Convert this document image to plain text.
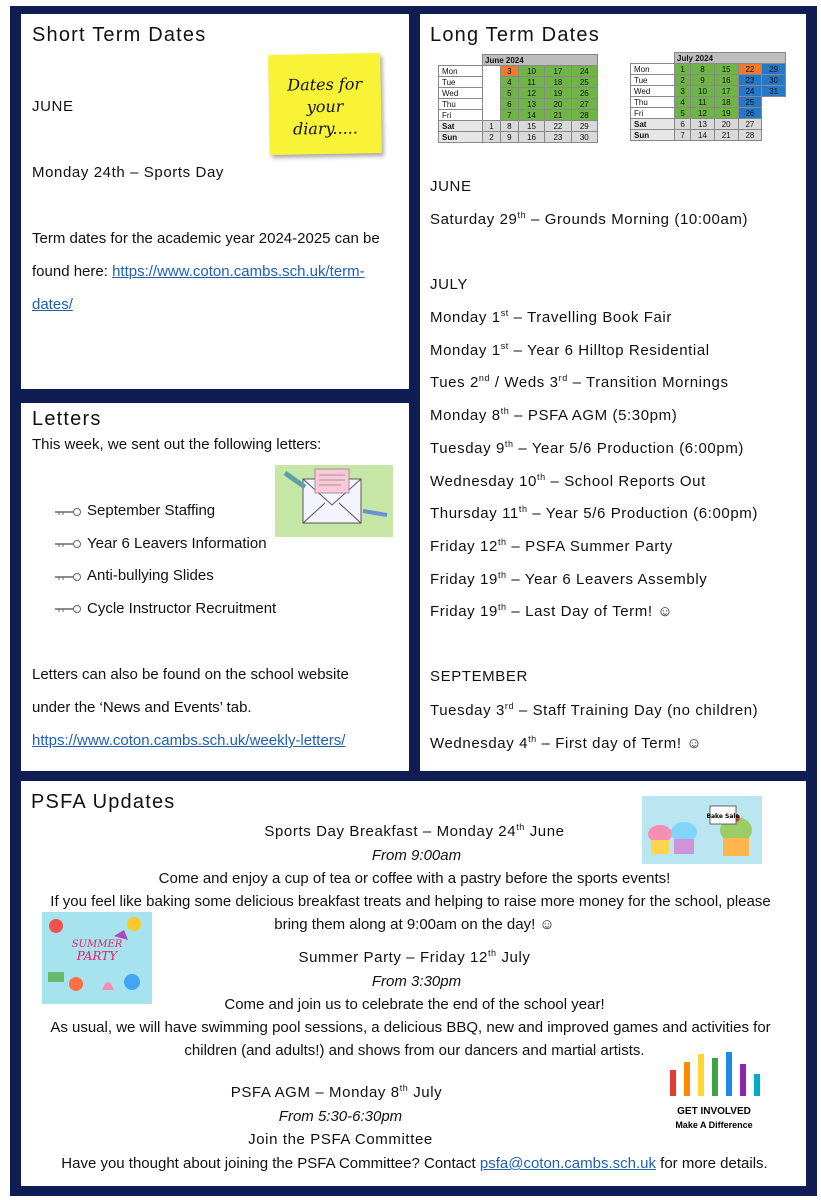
Short Term Dates
Dates for
your
diary.....
JUNE
Monday 24th – Sports Day
Term dates for the academic year 2024-2025 can be
found here: https://www.coton.cambs.sch.uk/term-
dates/
Letters
This week, we sent out the following letters:
September Staffing
Year 6 Leavers Information
Anti-bullying Slides
Cycle Instructor Recruitment
Letters can also be found on the school website
under the ‘News and Events’ tab.
https://www.coton.cambs.sch.uk/weekly-letters/
Long Term Dates
	June 2024				
Mon		3	10	17	24
Tue		4	11	18	25
Wed		5	12	19	26
Thu		6	13	20	27
Fri		7	14	21	28
Sat	1	8	15	22	29
Sun	2	9	16	23	30
	July 2024				
Mon	1	8	15	22	29
Tue	2	9	16	23	30
Wed	3	10	17	24	31
Thu	4	11	18	25	
Fri	5	12	19	26	
Sat	6	13	20	27	
Sun	7	14	21	28	
JUNE
Saturday 29th – Grounds Morning (10:00am)
JULY
Monday 1st – Travelling Book Fair
Monday 1st – Year 6 Hilltop Residential
Tues 2nd / Weds 3rd – Transition Mornings
Monday 8th – PSFA AGM (5:30pm)
Tuesday 9th – Year 5/6 Production (6:00pm)
Wednesday 10th – School Reports Out
Thursday 11th – Year 5/6 Production (6:00pm)
Friday 12th – PSFA Summer Party
Friday 19th – Year 6 Leavers Assembly
Friday 19th – Last Day of Term! ☺
SEPTEMBER
Tuesday 3rd – Staff Training Day (no children)
Wednesday 4th – First day of Term! ☺
PSFA Updates
Bake Sale
SUMMER
PARTY
GET INVOLVED
Make A Difference
Sports Day Breakfast – Monday 24th June
From 9:00am
Come and enjoy a cup of tea or coffee with a pastry before the sports events!
If you feel like baking some delicious breakfast treats and helping to raise more money for the school, please
bring them along at 9:00am on the day! ☺
Summer Party – Friday 12th July
From 3:30pm
Come and join us to celebrate the end of the school year!
As usual, we will have swimming pool sessions, a delicious BBQ, new and improved games and activities for
children (and adults!) and shows from our dancers and martial artists.
PSFA AGM – Monday 8th July
From 5:30-6:30pm
Join the PSFA Committee
Have you thought about joining the PSFA Committee? Contact psfa@coton.cambs.sch.uk for more details.
